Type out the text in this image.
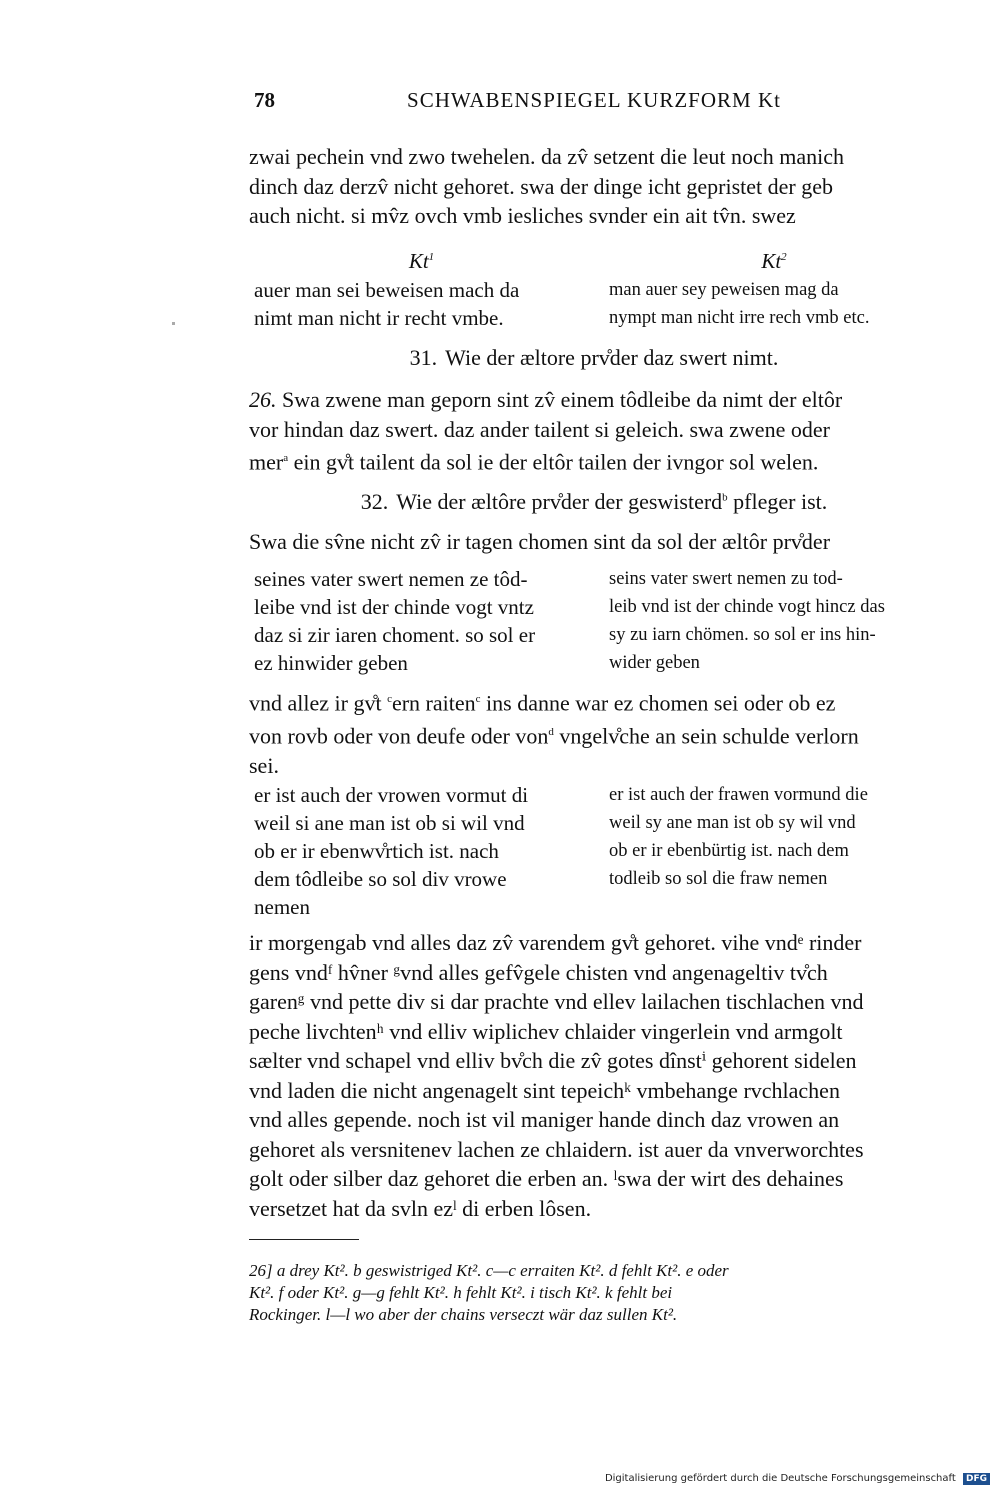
78	SCHWABENSPIEGEL KURZFORM Kt
zwai pechein vnd zwo twehelen. da zv̂ setzent die leut noch manich
dinch daz derzv̂ nicht gehoret. swa der dinge icht gepristet der geb
auch nicht. si mv̂z ovch vmb iesliches svnder ein ait tv̂n. swez
Kt$^1$
auer man sei beweisen mach da
nimt man nicht ir recht vmbe.
Kt$^2$
man auer sey peweisen mag da
nympt man nicht irre rech vmb etc.
31. Wie der æltore prv̊der daz swert nimt.
26. Swa zwene man geporn sint zv̂ einem tôdleibe da nimt der eltôr
vor hindan daz swert. daz ander tailent si geleich. swa zwene oder
mer$^a$ ein gv̊t tailent da sol ie der eltôr tailen der ivngor sol welen.
32. Wie der æltôre prv̊der der geswisterd$^b$ pfleger ist.
Swa die sv̂ne nicht zv̂ ir tagen chomen sint da sol der æltôr prv̊der
seines vater swert nemen ze tôd-
leibe vnd ist der chinde vogt vntz
daz si zir iaren choment. so sol er
ez hinwider geben
seins vater swert nemen zu tod-
leib vnd ist der chinde vogt hincz das
sy zu iarn chömen. so sol er ins hin-
wider geben
vnd allez ir gv̊t $^c$ern raiten$^c$ ins danne war ez chomen sei oder ob ez
von rovb oder von deufe oder von$^d$ vngelv̊che an sein schulde verlorn
sei.
er ist auch der vrowen vormut di
weil si ane man ist ob si wil vnd
ob er ir ebenwv̊rtich ist. nach
dem tôdleibe so sol div vrowe
nemen
er ist auch der frawen vormund die
weil sy ane man ist ob sy wil vnd
ob er ir ebenbürtig ist. nach dem
todleib so sol die fraw nemen
ir morgengab vnd alles daz zv̂ varendem gv̊t gehoret. vihe vndᵉ rinder
gens vndᶠ hv̂ner ᵍvnd alles gefv̂gele chisten vnd angenageltiv tv̊ch
garenᵍ vnd pette div si dar prachte vnd ellev lailachen tischlachen vnd
peche livchtenʰ vnd elliv wiplichev chlaider vingerlein vnd armgolt
sælter vnd schapel vnd elliv bv̊ch die zv̂ gotes dînstⁱ gehorent sidelen
vnd laden die nicht angenagelt sint tepeichᵏ vmbehange rvchlachen
vnd alles gepende. noch ist vil maniger hande dinch daz vrowen an
gehoret als versnitenev lachen ze chlaidern. ist auer da vnverworchtes
golt oder silber daz gehoret die erben an. ˡswa der wirt des dehaines
versetzet hat da svln ezˡ di erben lôsen.

26] a drey Kt². b geswistriged Kt². c—c erraiten Kt². d fehlt Kt². e oder

Kt². f oder Kt². g—g fehlt Kt². h fehlt Kt². i tisch Kt². k fehlt bei

Rockinger. l—l wo aber der chains verseczt wär daz sullen Kt².

Digitalisierung gefördert durch die Deutsche Forschungsgemeinschaft DFG
